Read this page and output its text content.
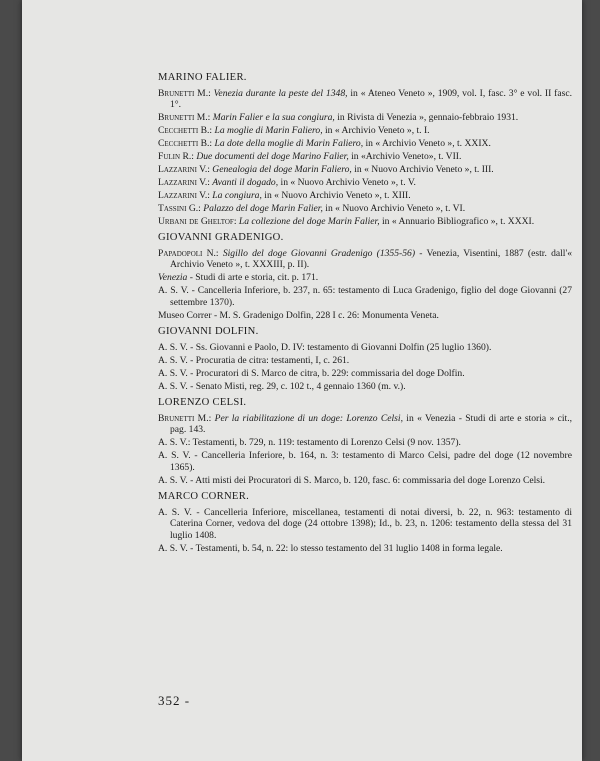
MARINO FALIER.
Brunetti M.: Venezia durante la peste del 1348, in « Ateneo Veneto », 1909, vol. I, fasc. 3° e vol. II fasc. 1°.
Brunetti M.: Marin Falier e la sua congiura, in Rivista di Venezia », gennaio-febbraio 1931.
Cecchetti B.: La moglie di Marin Faliero, in « Archivio Veneto », t. I.
Cecchetti B.: La dote della moglie di Marin Faliero, in « Archivio Veneto », t. XXIX.
Fulin R.: Due documenti del doge Marino Falier, in «Archivio Veneto», t. VII.
Lazzarini V.: Genealogia del doge Marin Faliero, in « Nuovo Archivio Veneto », t. III.
Lazzarini V.: Avanti il dogado, in « Nuovo Archivio Veneto », t. V.
Lazzarini V.: La congiura, in « Nuovo Archivio Veneto », t. XIII.
Tassini G.: Palazzo del doge Marin Falier, in « Nuovo Archivio Veneto », t. VI.
Urbani de Gheltof: La collezione del doge Marin Falier, in « Annuario Bibliografico », t. XXXI.
GIOVANNI GRADENIGO.
Papadopoli N.: Sigillo del doge Giovanni Gradenigo (1355-56) - Venezia, Visentini, 1887 (estr. dall'« Archivio Veneto », t. XXXIII, p. II).
Venezia - Studi di arte e storia, cit. p. 171.
A. S. V. - Cancelleria Inferiore, b. 237, n. 65: testamento di Luca Gradenigo, figlio del doge Giovanni (27 settembre 1370).
Museo Correr - M. S. Gradenigo Dolfin, 228 I c. 26: Monumenta Veneta.
GIOVANNI DOLFIN.
A. S. V. - Ss. Giovanni e Paolo, D. IV: testamento di Giovanni Dolfin (25 luglio 1360).
A. S. V. - Procuratia de citra: testamenti, I, c. 261.
A. S. V. - Procuratori di S. Marco de citra, b. 229: commissaria del doge Dolfin.
A. S. V. - Senato Misti, reg. 29, c. 102 t., 4 gennaio 1360 (m. v.).
LORENZO CELSI.
Brunetti M.: Per la riabilitazione di un doge: Lorenzo Celsi, in « Venezia - Studi di arte e storia » cit., pag. 143.
A. S. V.: Testamenti, b. 729, n. 119: testamento di Lorenzo Celsi (9 nov. 1357).
A. S. V. - Cancelleria Inferiore, b. 164, n. 3: testamento di Marco Celsi, padre del doge (12 novembre 1365).
A. S. V. - Atti misti dei Procuratori di S. Marco, b. 120, fasc. 6: commissaria del doge Lorenzo Celsi.
MARCO CORNER.
A. S. V. - Cancelleria Inferiore, miscellanea, testamenti di notai diversi, b. 22, n. 963: testamento di Caterina Corner, vedova del doge (24 ottobre 1398); Id., b. 23, n. 1206: testamento della stessa del 31 luglio 1408.
A. S. V. - Testamenti, b. 54, n. 22: lo stesso testamento del 31 luglio 1408 in forma legale.
352 -
